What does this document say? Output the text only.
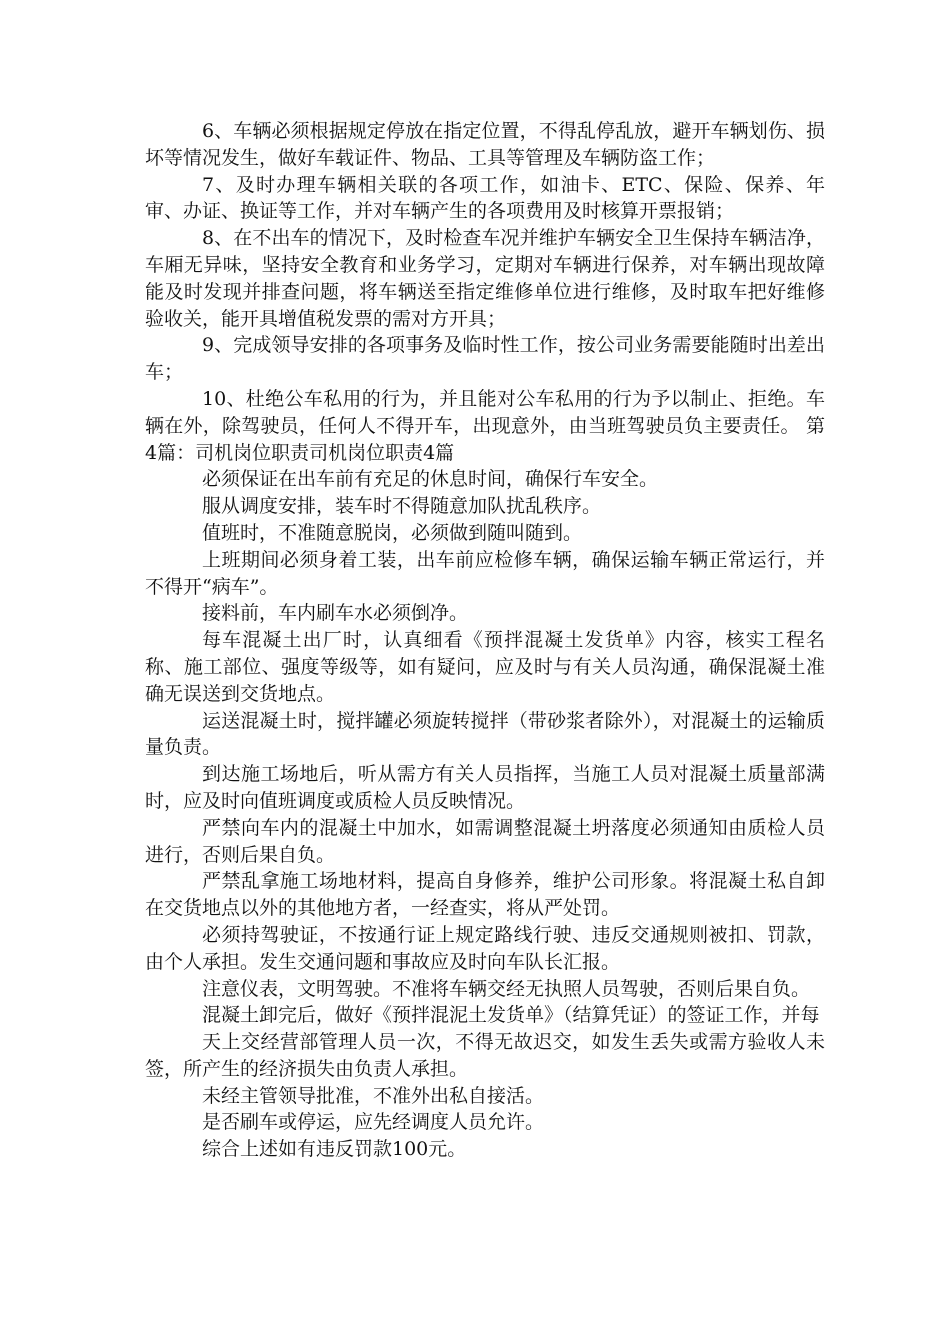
6、车辆必须根据规定停放在指定位置，不得乱停乱放，避开车辆划伤、损坏等情况发生，做好车载证件、物品、工具等管理及车辆防盗工作；

7、及时办理车辆相关联的各项工作，如油卡、ETC、保险、保养、年审、办证、换证等工作，并对车辆产生的各项费用及时核算开票报销；

8、在不出车的情况下，及时检查车况并维护车辆安全卫生保持车辆洁净，车厢无异味，坚持安全教育和业务学习，定期对车辆进行保养，对车辆出现故障能及时发现并排查问题，将车辆送至指定维修单位进行维修，及时取车把好维修验收关，能开具增值税发票的需对方开具；

9、完成领导安排的各项事务及临时性工作，按公司业务需要能随时出差出车；

10、杜绝公车私用的行为，并且能对公车私用的行为予以制止、拒绝。车辆在外，除驾驶员，任何人不得开车，出现意外，由当班驾驶员负主要责任。 第4篇：司机岗位职责司机岗位职责4篇

必须保证在出车前有充足的休息时间，确保行车安全。

服从调度安排，装车时不得随意加队扰乱秩序。

值班时，不准随意脱岗，必须做到随叫随到。

上班期间必须身着工装，出车前应检修车辆，确保运输车辆正常运行，并不得开“病车”。

接料前，车内刷车水必须倒净。

每车混凝土出厂时，认真细看《预拌混凝土发货单》内容，核实工程名称、施工部位、强度等级等，如有疑问，应及时与有关人员沟通，确保混凝土准确无误送到交货地点。

运送混凝土时，搅拌罐必须旋转搅拌（带砂浆者除外），对混凝土的运输质量负责。

到达施工场地后，听从需方有关人员指挥，当施工人员对混凝土质量部满时，应及时向值班调度或质检人员反映情况。

严禁向车内的混凝土中加水，如需调整混凝土坍落度必须通知由质检人员进行，否则后果自负。

严禁乱拿施工场地材料，提高自身修养，维护公司形象。将混凝土私自卸在交货地点以外的其他地方者，一经查实，将从严处罚。

必须持驾驶证，不按通行证上规定路线行驶、违反交通规则被扣、罚款，由个人承担。发生交通问题和事故应及时向车队长汇报。

注意仪表，文明驾驶。不准将车辆交经无执照人员驾驶，否则后果自负。

混凝土卸完后，做好《预拌混泥土发货单》（结算凭证）的签证工作，并每

天上交经营部管理人员一次，不得无故迟交，如发生丢失或需方验收人未签，所产生的经济损失由负责人承担。

未经主管领导批准，不准外出私自接活。

是否刷车或停运，应先经调度人员允许。

综合上述如有违反罚款100元。
